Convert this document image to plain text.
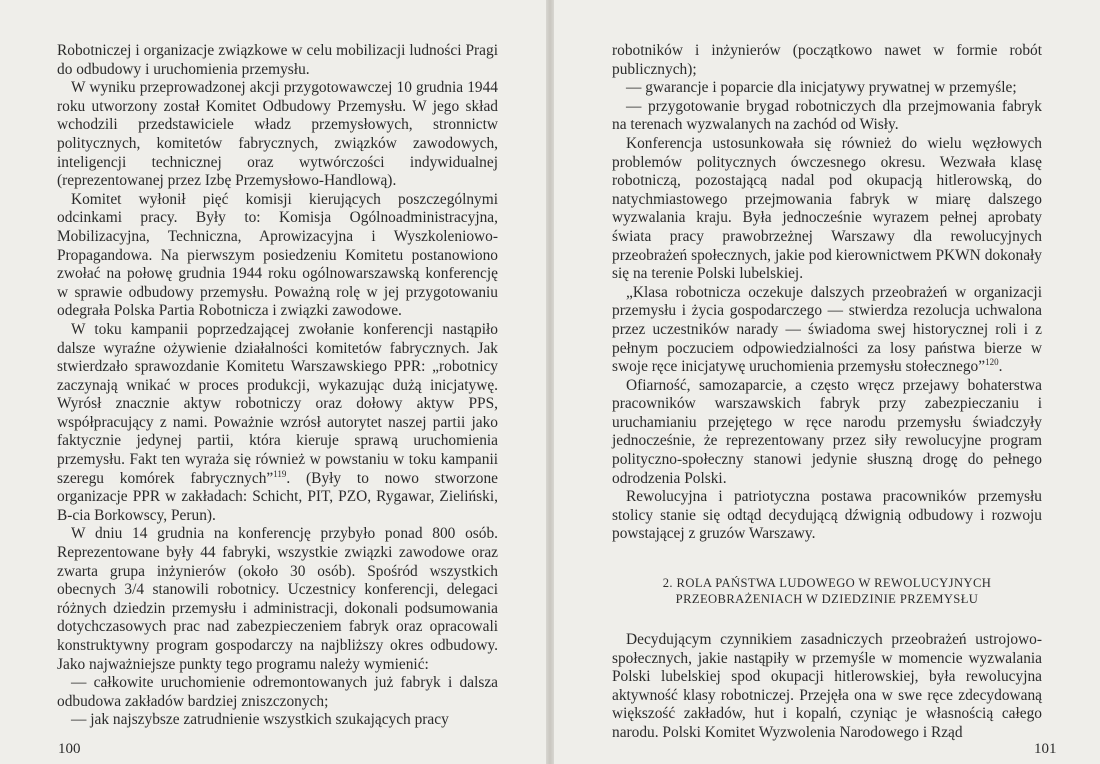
Robotniczej i organizacje związkowe w celu mobilizacji ludności Pragi do odbudowy i uruchomienia przemysłu.

W wyniku przeprowadzonej akcji przygotowawczej 10 grudnia 1944 roku utworzony został Komitet Odbudowy Przemysłu. W jego skład wchodzili przedstawiciele władz przemysłowych, stronnictw politycznych, komitetów fabrycznych, związków zawodowych, inteligencji technicznej oraz wytwórczości indywidualnej (reprezentowanej przez Izbę Przemysłowo-Handlową).

Komitet wyłonił pięć komisji kierujących poszczególnymi odcinkami pracy. Były to: Komisja Ogólnoadministracyjna, Mobilizacyjna, Techniczna, Aprowizacyjna i Wyszkoleniowo-Propagandowa. Na pierwszym posiedzeniu Komitetu postanowiono zwołać na połowę grudnia 1944 roku ogólnowarszawską konferencję w sprawie odbudowy przemysłu. Poważną rolę w jej przygotowaniu odegrała Polska Partia Robotnicza i związki zawodowe.

W toku kampanii poprzedzającej zwołanie konferencji nastąpiło dalsze wyraźne ożywienie działalności komitetów fabrycznych. Jak stwierdzało sprawozdanie Komitetu Warszawskiego PPR: „robotnicy zaczynają wnikać w proces produkcji, wykazując dużą inicjatywę. Wyrósł znacznie aktyw robotniczy oraz dołowy aktyw PPS, współpracujący z nami. Poważnie wzrósł autorytet naszej partii jako faktycznie jedynej partii, która kieruje sprawą uruchomienia przemysłu. Fakt ten wyraża się również w powstaniu w toku kampanii szeregu komórek fabrycznych”$^{119}$. (Były to nowo stworzone organizacje PPR w zakładach: Schicht, PIT, PZO, Rygawar, Zieliński, B-cia Borkowscy, Perun).

W dniu 14 grudnia na konferencję przybyło ponad 800 osób. Reprezentowane były 44 fabryki, wszystkie związki zawodowe oraz zwarta grupa inżynierów (około 30 osób). Spośród wszystkich obecnych 3/4 stanowili robotnicy. Uczestnicy konferencji, delegaci różnych dziedzin przemysłu i administracji, dokonali podsumowania dotychczasowych prac nad zabezpieczeniem fabryk oraz opracowali konstruktywny program gospodarczy na najbliższy okres odbudowy. Jako najważniejsze punkty tego programu należy wymienić:

— całkowite uruchomienie odremontowanych już fabryk i dalsza odbudowa zakładów bardziej zniszczonych;

— jak najszybsze zatrudnienie wszystkich szukających pracy

100

robotników i inżynierów (początkowo nawet w formie robót publicznych);

— gwarancje i poparcie dla inicjatywy prywatnej w przemyśle;

— przygotowanie brygad robotniczych dla przejmowania fabryk na terenach wyzwalanych na zachód od Wisły.

Konferencja ustosunkowała się również do wielu węzłowych problemów politycznych ówczesnego okresu. Wezwała klasę robotniczą, pozostającą nadal pod okupacją hitlerowską, do natychmiastowego przejmowania fabryk w miarę dalszego wyzwalania kraju. Była jednocześnie wyrazem pełnej aprobaty świata pracy prawobrzeżnej Warszawy dla rewolucyjnych przeobrażeń społecznych, jakie pod kierownictwem PKWN dokonały się na terenie Polski lubelskiej.

„Klasa robotnicza oczekuje dalszych przeobrażeń w organizacji przemysłu i życia gospodarczego — stwierdza rezolucja uchwalona przez uczestników narady — świadoma swej historycznej roli i z pełnym poczuciem odpowiedzialności za losy państwa bierze w swoje ręce inicjatywę uruchomienia przemysłu stołecznego”$^{120}$.

Ofiarność, samozaparcie, a często wręcz przejawy bohaterstwa pracowników warszawskich fabryk przy zabezpieczaniu i uruchamianiu przejętego w ręce narodu przemysłu świadczyły jednocześnie, że reprezentowany przez siły rewolucyjne program polityczno-społeczny stanowi jedynie słuszną drogę do pełnego odrodzenia Polski.

Rewolucyjna i patriotyczna postawa pracowników przemysłu stolicy stanie się odtąd decydującą dźwignią odbudowy i rozwoju powstającej z gruzów Warszawy.

2. ROLA PAŃSTWA LUDOWEGO W REWOLUCYJNYCH
PRZEOBRAŻENIACH W DZIEDZINIE PRZEMYSŁU

Decydującym czynnikiem zasadniczych przeobrażeń ustrojowo-społecznych, jakie nastąpiły w przemyśle w momencie wyzwalania Polski lubelskiej spod okupacji hitlerowskiej, była rewolucyjna aktywność klasy robotniczej. Przejęła ona w swe ręce zdecydowaną większość zakładów, hut i kopalń, czyniąc je własnością całego narodu. Polski Komitet Wyzwolenia Narodowego i Rząd

101
